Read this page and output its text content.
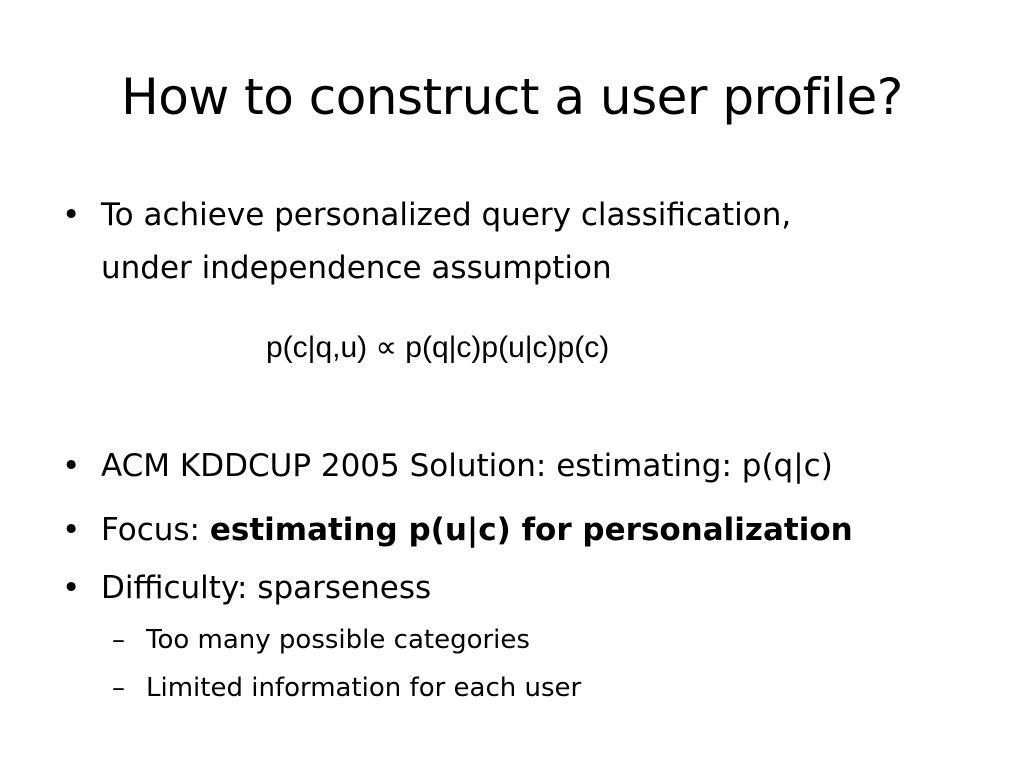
How to construct a user profile?
• To achieve personalized query classification,
under independence assumption
p(c|q,u) ∝ p(q|c)p(u|c)p(c)
• ACM KDDCUP 2005 Solution: estimating: p(q|c)
• Focus: estimating p(u|c) for personalization
• Difficulty: sparseness
– Too many possible categories
– Limited information for each user
